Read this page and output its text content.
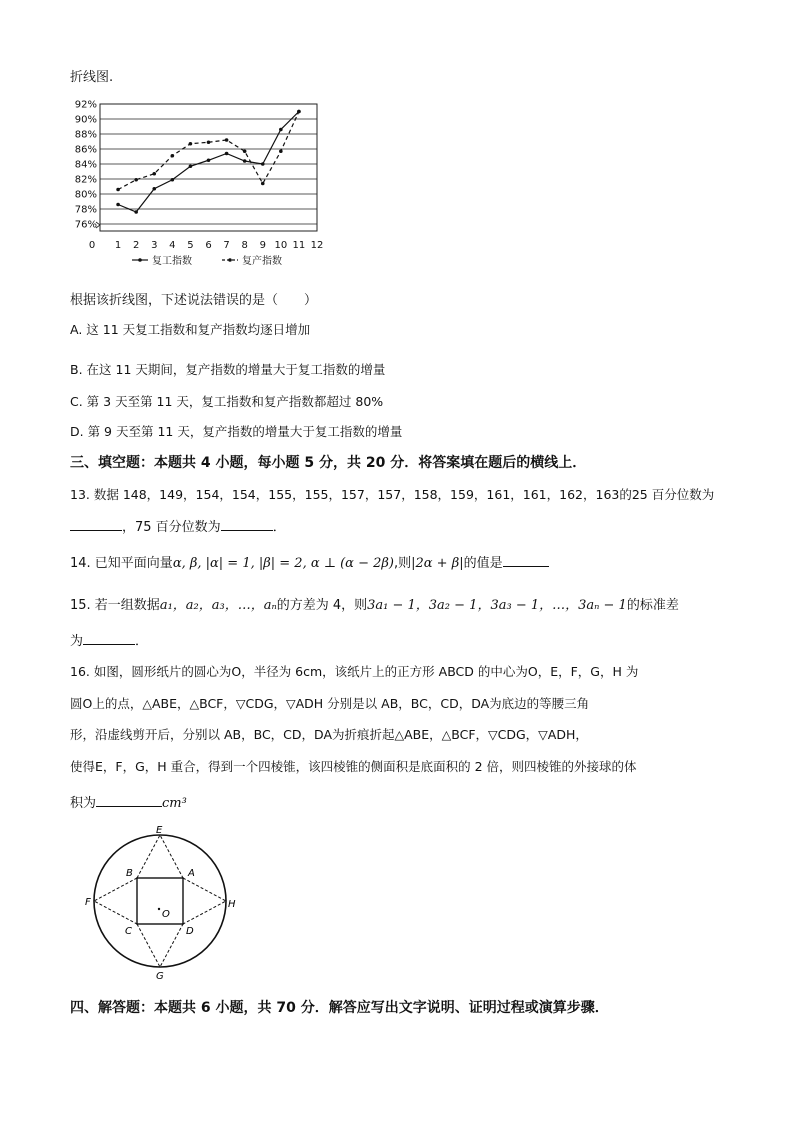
折线图.
92%
90%
88%
86%
84%
82%
80%
78%
76%
0 1 2 3 4 5 6 7 8 9 10 11 12
复工指数	复产指数
根据该折线图，下述说法错误的是（　　）
A. 这 11 天复工指数和复产指数均逐日增加
B. 在这 11 天期间，复产指数的增量大于复工指数的增量
C. 第 3 天至第 11 天，复工指数和复产指数都超过 80%
D. 第 9 天至第 11 天，复产指数的增量大于复工指数的增量
三、填空题：本题共 4 小题，每小题 5 分，共 20 分．将答案填在题后的横线上．
13. 数据 148，149，154，154，155，155，157，157，158，159，161，161，162，163的25 百分位数为
，75 百分位数为	．
14. 已知平面向量α, β, |α| = 1, |β| = 2, α ⊥ (α − 2β),则|2α + β|的值是
15. 若一组数据a₁，a₂，a₃，…，aₙ的方差为 4，则3a₁ − 1，3a₂ − 1，3a₃ − 1，…，3aₙ − 1的标准差
为	．
16. 如图，圆形纸片的圆心为O，半径为 6cm，该纸片上的正方形 ABCD 的中心为O，E，F，G，H 为
圆O上的点，△ABE，△BCF，▽CDG，▽ADH 分别是以 AB，BC，CD，DA为底边的等腰三角
形，沿虚线剪开后，分别以 AB，BC，CD，DA为折痕折起△ABE，△BCF，▽CDG，▽ADH，
使得E，F，G，H 重合，得到一个四棱锥，该四棱锥的侧面积是底面积的 2 倍，则四棱锥的外接球的体
积为	cm³
E
F
G
H
A
B
C	D
O
四、解答题：本题共 6 小题，共 70 分．解答应写出文字说明、证明过程或演算步骤．
